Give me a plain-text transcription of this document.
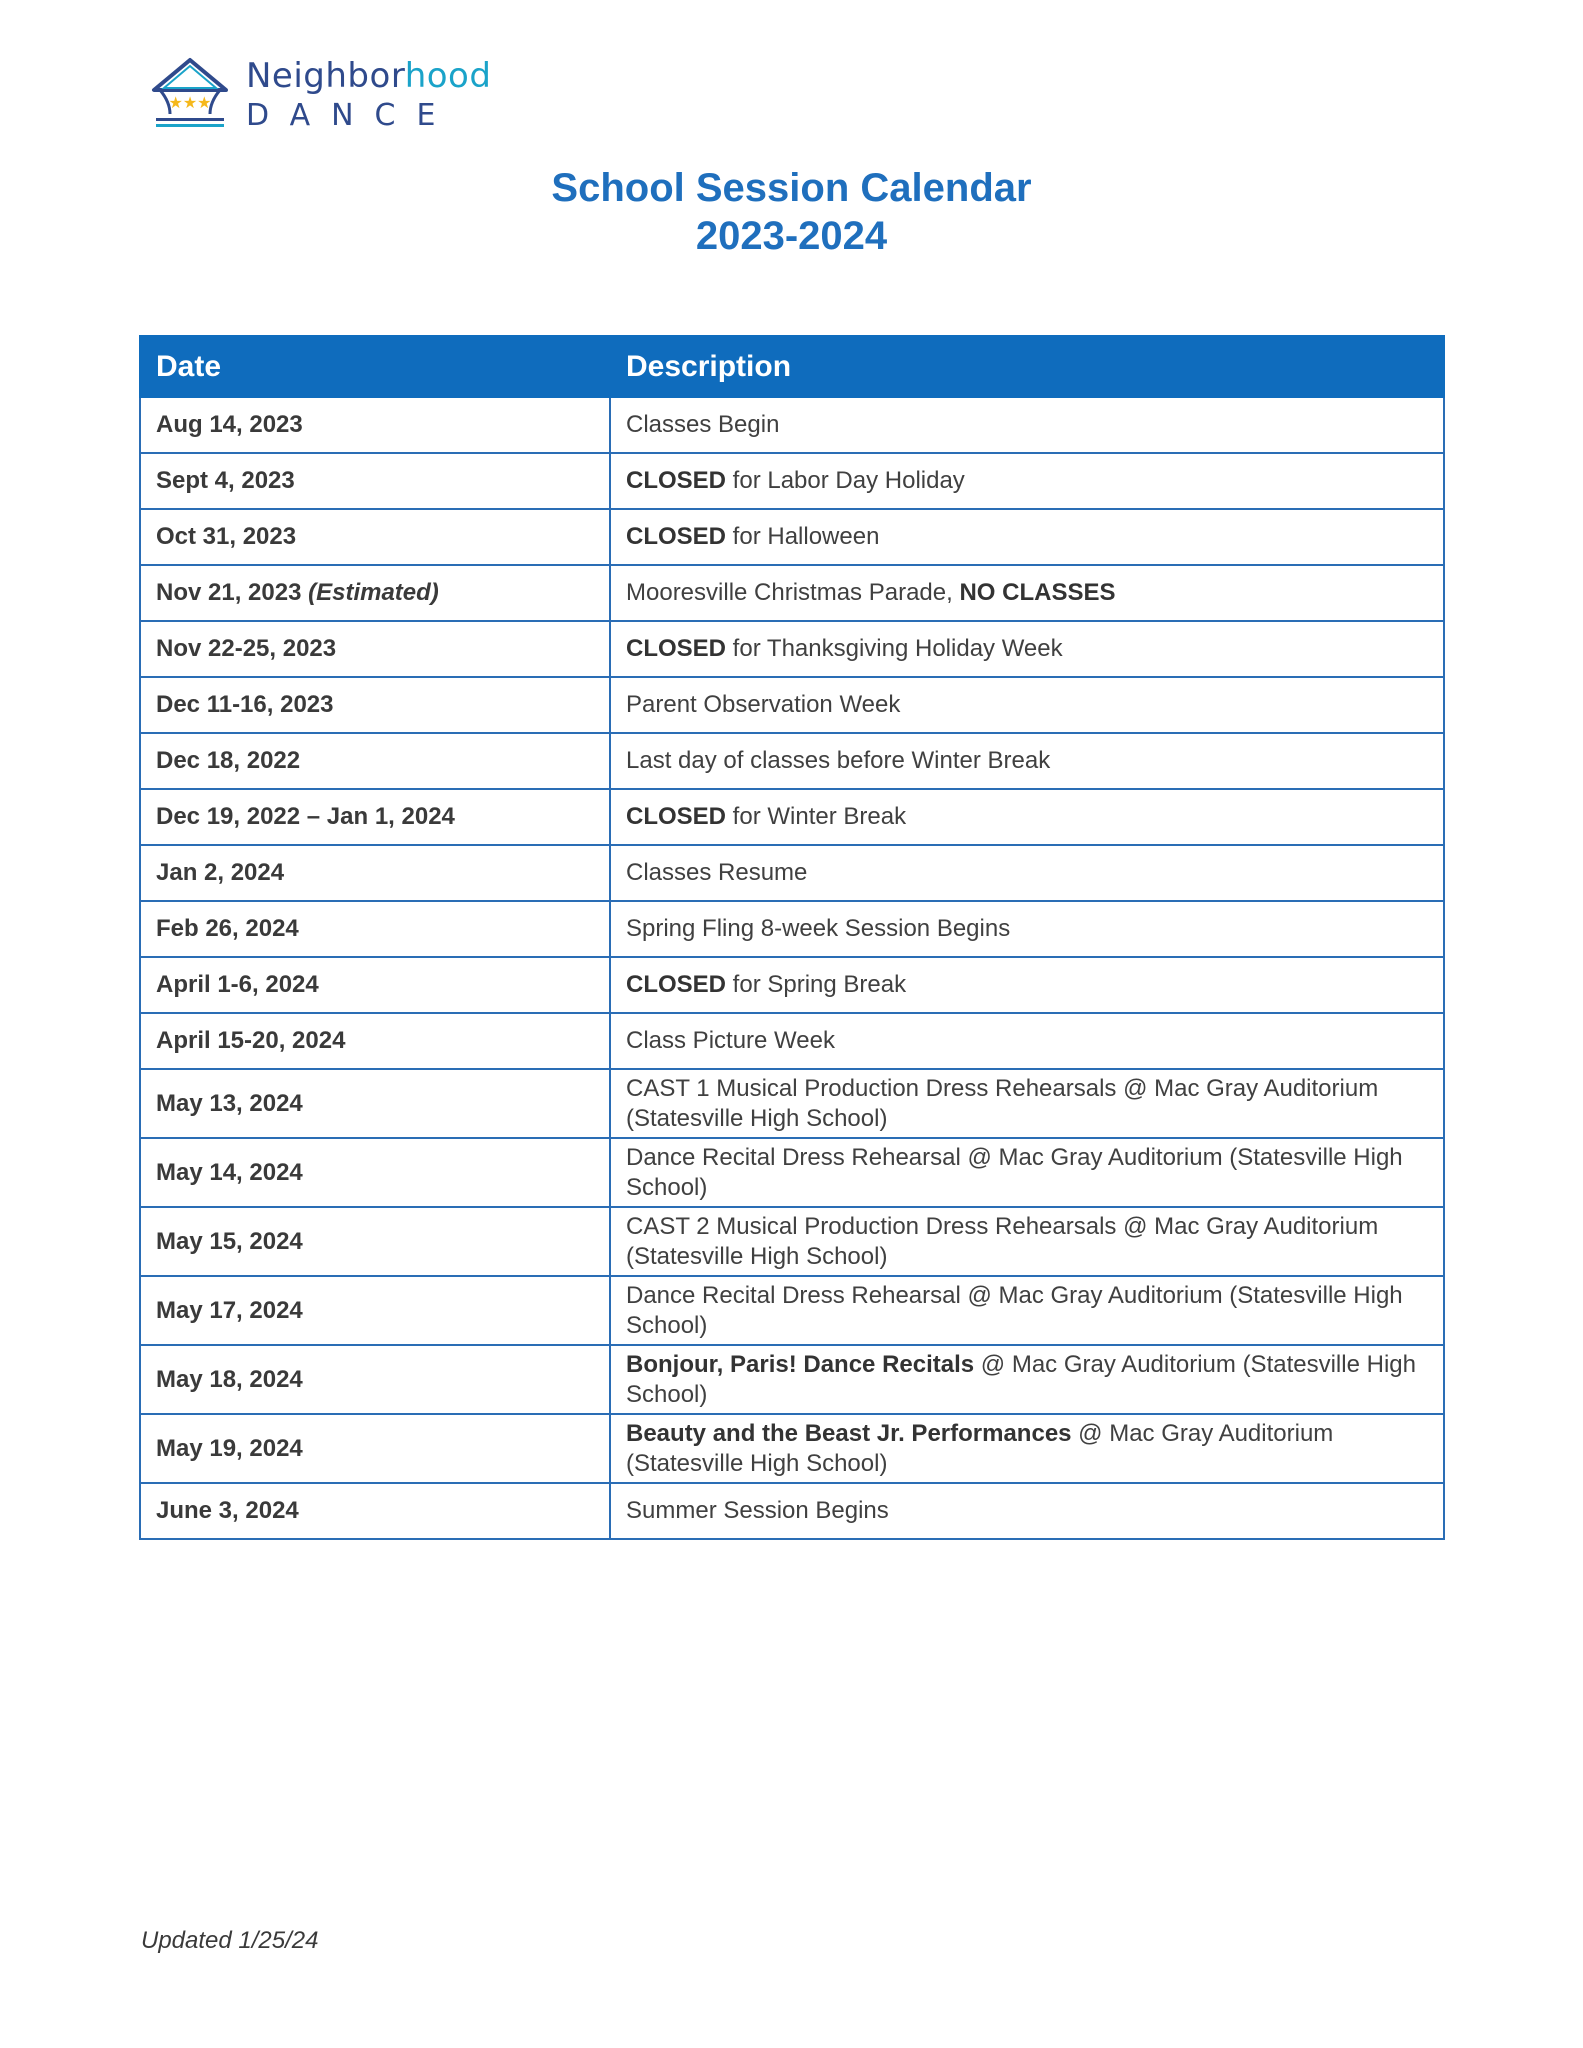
★★★
Neighborhood
DANCE
School Session Calendar
2023-2024
Date	Description
Aug 14, 2023	Classes Begin
Sept 4, 2023	CLOSED for Labor Day Holiday
Oct 31, 2023	CLOSED for Halloween
Nov 21, 2023 (Estimated)	Mooresville Christmas Parade, NO CLASSES
Nov 22-25, 2023	CLOSED for Thanksgiving Holiday Week
Dec 11-16, 2023	Parent Observation Week
Dec 18, 2022	Last day of classes before Winter Break
Dec 19, 2022 – Jan 1, 2024	CLOSED for Winter Break
Jan 2, 2024	Classes Resume
Feb 26, 2024	Spring Fling 8-week Session Begins
April 1-6, 2024	CLOSED for Spring Break
April 15-20, 2024	Class Picture Week
May 13, 2024	CAST 1 Musical Production Dress Rehearsals @ Mac Gray Auditorium (Statesville High School)
May 14, 2024	Dance Recital Dress Rehearsal @ Mac Gray Auditorium (Statesville High School)
May 15, 2024	CAST 2 Musical Production Dress Rehearsals @ Mac Gray Auditorium (Statesville High School)
May 17, 2024	Dance Recital Dress Rehearsal @ Mac Gray Auditorium (Statesville High School)
May 18, 2024	Bonjour, Paris! Dance Recitals @ Mac Gray Auditorium (Statesville High School)
May 19, 2024	Beauty and the Beast Jr. Performances @ Mac Gray Auditorium (Statesville High School)
June 3, 2024	Summer Session Begins
Updated 1/25/24
